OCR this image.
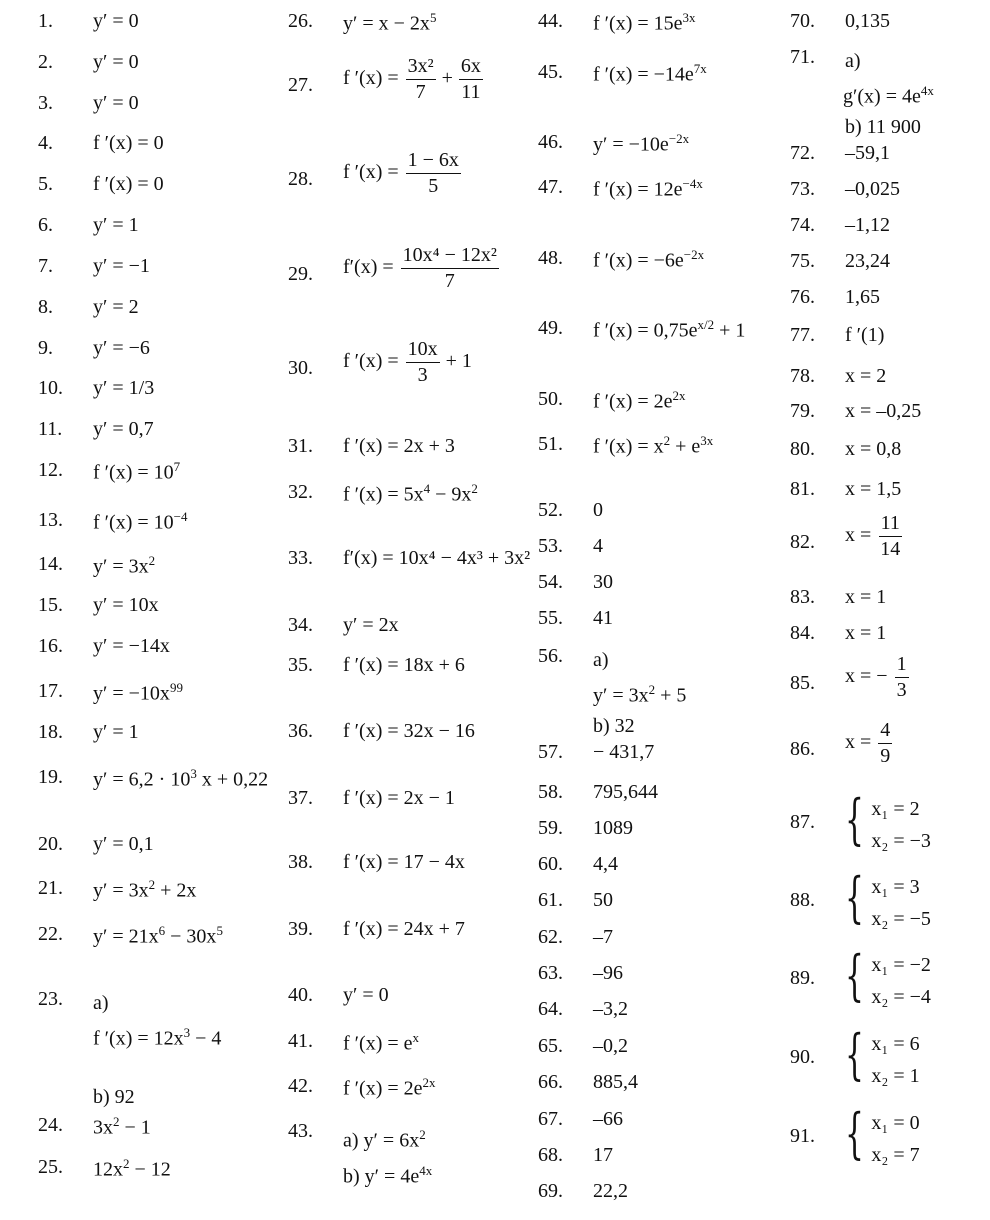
1. y′ = 0
2. y′ = 0
3. y′ = 0
4. f ′(x) = 0
5. f ′(x) = 0
6. y′ = 1
7. y′ = −1
8. y′ = 2
9. y′ = −6
10. y′ = 1/3
11. y′ = 0,7
12. f $'(x) = 10^7$
13. f $'(x) = 10^{-4}$
14. $y' = 3x^2$
15. y′ = 10x
16. y′ = −14x
17. $y' = -10x^{99}$
18. y′ = 1
19. $y' = 6,2 \cdot 10^3$ x + 0,22
20. y′ = 0,1
21. $y' = 3x^2 + 2x$
22. $y' = 21x^6 - 30x^5$
23. a)
f $'(x) = 12x^3 - 4$
b) 92
24. $3x^2 - 1$
25. $12x^2 - 12$
26. $y' = x - 2x^5$
27. f $'(x) = \frac{\text{3x²}}{7} + \frac{6x}{11}$
28. f $'(x) = \frac{1 - 6x}{5}$
29. $f'(x) = \frac{\text{10x⁴ − 12x²}}{7}$
30. f $'(x) = \frac{10x}{3} + 1$
31. f ′(x) = 2x + 3
32. f $'(x) = 5x^4 - 9x^2$
33. f′(x) = 10x⁴ − 4x³ + 3x²
34. y′ = 2x
35. f ′(x) = 18x + 6
36. f ′(x) = 32x − 16
37. f ′(x) = 2x − 1
38. f ′(x) = 17 − 4x
39. f ′(x) = 24x + 7
40. y′ = 0
41. f $'(x) = e^x$
42. f $'(x) = 2e^{2x}$
43. a) $y' = 6x^2$
b) $y' = 4e^{4x}$
44. f $'(x) = 15e^{3x}$
45. f $'(x) = -14e^{7x}$
46. $y' = -10e^{-2x}$
47. f $'(x) = 12e^{-4x}$
48. f $'(x) = -6e^{-2x}$
49. f $'(x) = 0,75e^{x/2} + 1$
50. f $'(x) = 2e^{2x}$
51. f $'(x) = x^2 + e^{3x}$
52. 0
53. 4
54. 30
55. 41
56. a)
$y' = 3x^2 + 5$
b) 32
57. − 431,7
58. 795,644
59. 1089
60. 4,4
61. 50
62. –7
63. –96
64. –3,2
65. –0,2
66. 885,4
67. –66
68. 17
69. 22,2
70. 0,135
71. a)
$g'(x) = 4e^{4x}$
b) 11 900
72. –59,1
73. –0,025
74. –1,12
75. 23,24
76. 1,65
77. f ′(1)
78. x = 2
79. x = –0,25
80. x = 0,8
81. x = 1,5
82. $x = \frac{11}{14}$
83. x = 1
84. x = 1
85. x = − $\frac{1}{3}$
86. $x = \frac{4}{9}$
87. { x₁ = 2
x₂ = −3
88. { x₁ = 3
x₂ = −5
89. { x₁ = −2
x₂ = −4
90. { x₁ = 6
x₂ = 1
91. { x₁ = 0
x₂ = 7
